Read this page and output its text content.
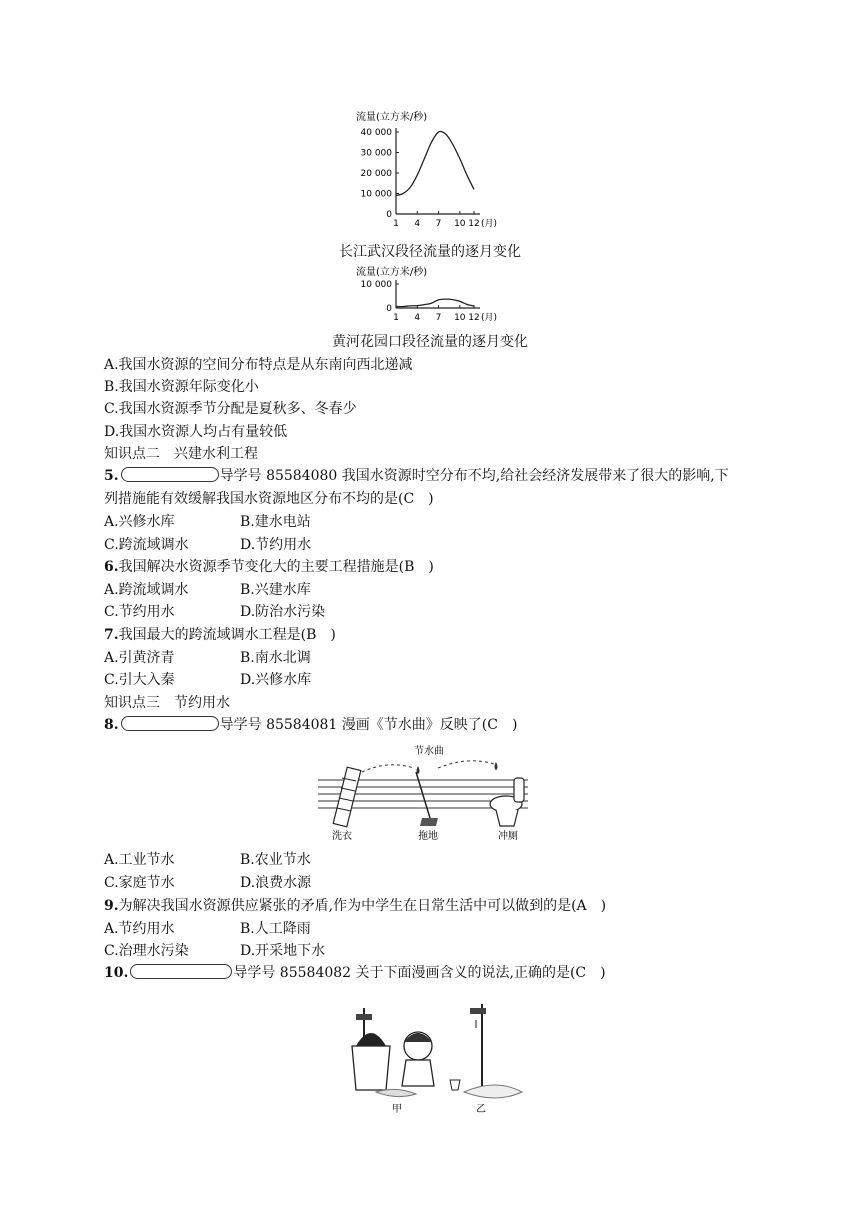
流量(立方米/秒)
40 000
30 000
20 000
10 000
0
1 4 7 10 12 (月)
长江武汉段径流量的逐月变化
流量(立方米/秒)
10 000
0
1 4 7 10 12 (月)
黄河花园口段径流量的逐月变化
A.我国水资源的空间分布特点是从东南向西北递减
B.我国水资源年际变化小
C.我国水资源季节分配是夏秋多、冬春少
D.我国水资源人均占有量较低
知识点二　兴建水利工程
5.	导学号 85584080 我国水资源时空分布不均,给社会经济发展带来了很大的影响,下
列措施能有效缓解我国水资源地区分布不均的是(C　)
A.兴修水库	B.建水电站
C.跨流域调水	D.节约用水
6.我国解决水资源季节变化大的主要工程措施是(B　)
A.跨流域调水	B.兴建水库
C.节约用水	D.防治水污染
7.我国最大的跨流域调水工程是(B　)
A.引黄济青	B.南水北调
C.引大入秦	D.兴修水库
知识点三　节约用水
8.	导学号 85584081 漫画《节水曲》反映了(C　)
节水曲
洗衣	拖地	冲厕
A.工业节水	B.农业节水
C.家庭节水	D.浪费水源
9.为解决我国水资源供应紧张的矛盾,作为中学生在日常生活中可以做到的是(A　)
A.节约用水	B.人工降雨
C.治理水污染	D.开采地下水
10.	导学号 85584082 关于下面漫画含义的说法,正确的是(C　)
甲	乙
